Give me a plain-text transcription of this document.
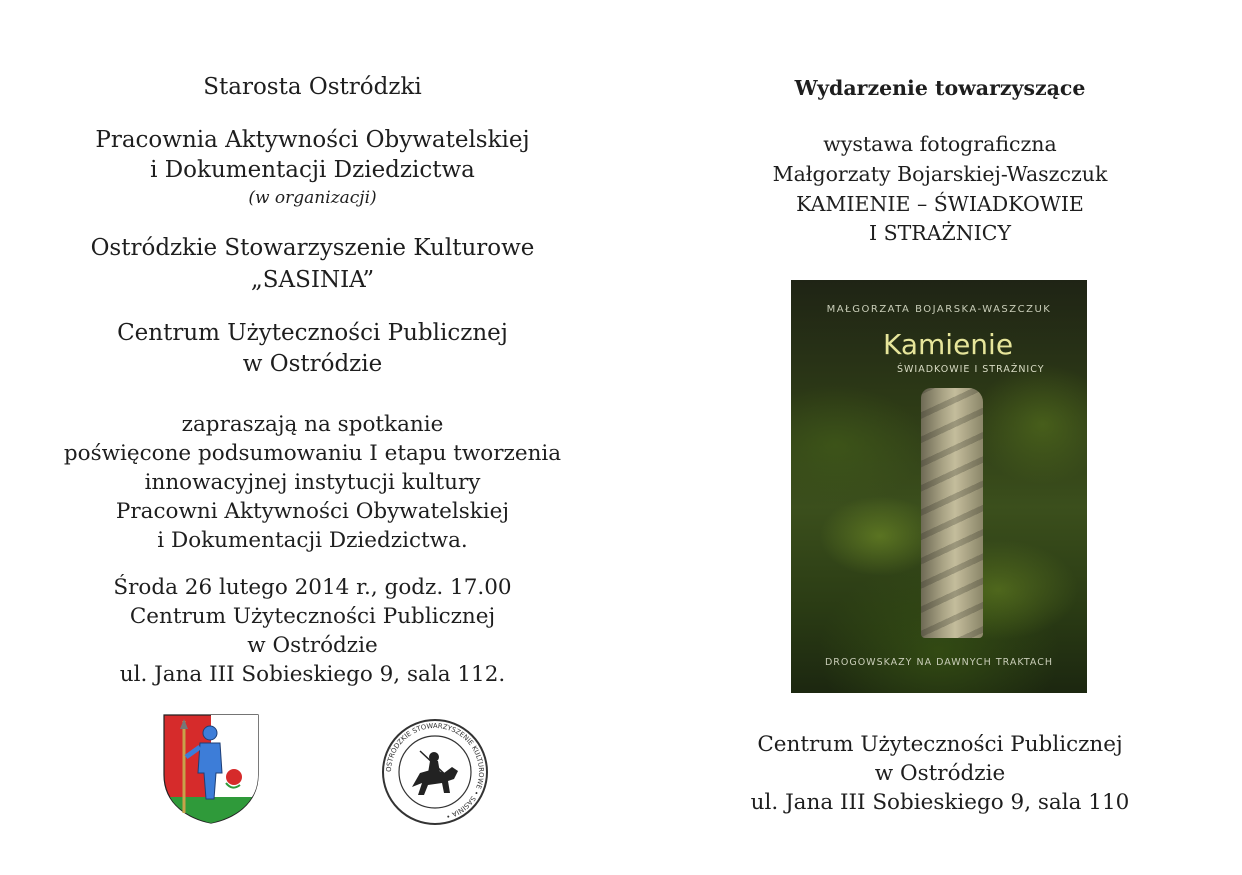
Starosta Ostródzki
Pracownia Aktywności Obywatelskiej
i Dokumentacji Dziedzictwa
(w organizacji)
Ostródzkie Stowarzyszenie Kulturowe
„SASINIA”
Centrum Użyteczności Publicznej
w Ostródzie
zapraszają na spotkanie
poświęcone podsumowaniu I etapu tworzenia
innowacyjnej instytucji kultury
Pracowni Aktywności Obywatelskiej
i Dokumentacji Dziedzictwa.
Środa 26 lutego 2014 r., godz. 17.00
Centrum Użyteczności Publicznej
w Ostródzie
ul. Jana III Sobieskiego 9, sala 112.
OSTRÓDZKIE STOWARZYSZENIE KULTUROWE • SASINIA •
Wydarzenie towarzyszące
wystawa fotograficzna
Małgorzaty Bojarskiej-Waszczuk
KAMIENIE – ŚWIADKOWIE
I STRAŻNICY
Centrum Użyteczności Publicznej
w Ostródzie
ul. Jana III Sobieskiego 9, sala 110
MAŁGORZATA BOJARSKA-WASZCZUK
Kamienie
ŚWIADKOWIE I STRAŻNICY
DROGOWSKAZY NA DAWNYCH TRAKTACH
